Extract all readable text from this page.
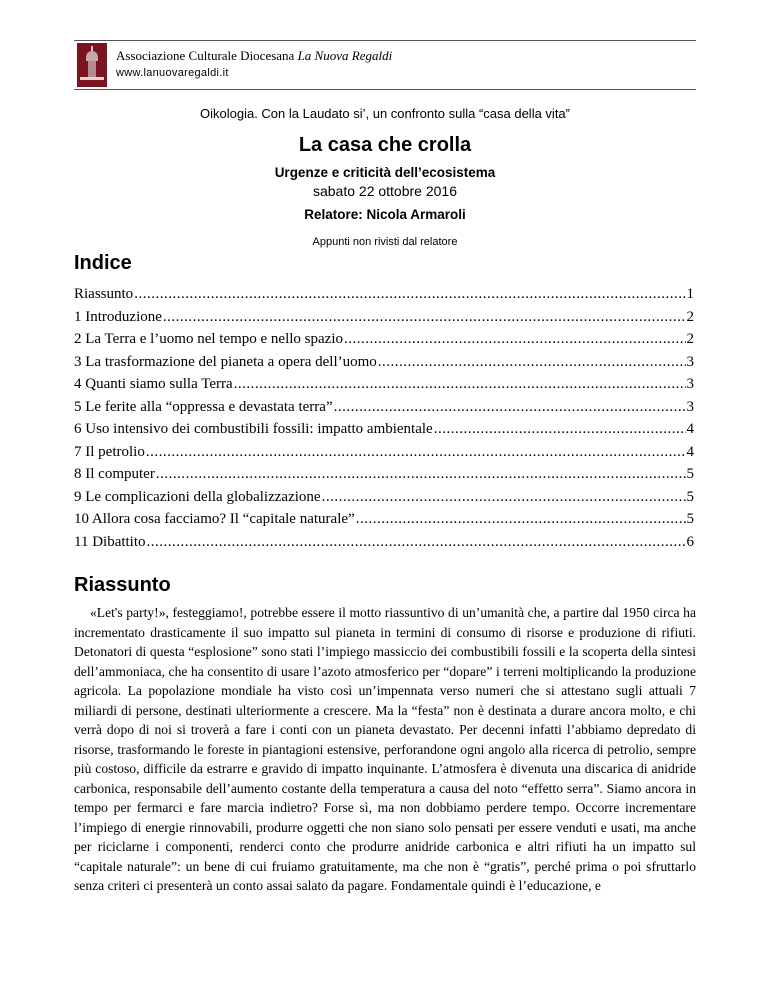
Associazione Culturale Diocesana La Nuova Regaldi
www.lanuovaregaldi.it
Oikologia. Con la Laudato si’, un confronto sulla “casa della vita”
La casa che crolla
Urgenze e criticità dell’ecosistema
sabato 22 ottobre 2016
Relatore: Nicola Armaroli
Appunti non rivisti dal relatore
Indice
Riassunto .....	1
1 Introduzione .....	2
2 La Terra e l’uomo nel tempo e nello spazio .....	2
3 La trasformazione del pianeta a opera dell’uomo .....	3
4 Quanti siamo sulla Terra .....	3
5 Le ferite alla “oppressa e devastata terra” .....	3
6 Uso intensivo dei combustibili fossili: impatto ambientale .....	4
7 Il petrolio .....	4
8 Il computer .....	5
9 Le complicazioni della globalizzazione .....	5
10 Allora cosa facciamo? Il “capitale naturale” .....	5
11 Dibattito .....	6
Riassunto

«Let's party!», festeggiamo!, potrebbe essere il motto riassuntivo di un’umanità che, a partire dal 1950 circa ha incrementato drasticamente il suo impatto sul pianeta in termini di consumo di risorse e produzione di rifiuti. Detonatori di questa “esplosione” sono stati l’impiego massiccio dei combustibili fossili e la scoperta della sintesi dell’ammoniaca, che ha consentito di usare l’azoto atmosferico per “dopare” i terreni moltiplicando la produzione agricola. La popolazione mondiale ha visto così un’impennata verso numeri che si attestano sugli attuali 7 miliardi di persone, destinati ulteriormente a crescere. Ma la “festa” non è destinata a durare ancora molto, e chi verrà dopo di noi si troverà a fare i conti con un pianeta devastato. Per decenni infatti l’abbiamo depredato di risorse, trasformando le foreste in piantagioni estensive, perforandone ogni angolo alla ricerca di petrolio, sempre più costoso, difficile da estrarre e gravido di impatto inquinante. L’atmosfera è divenuta una discarica di anidride carbonica, responsabile dell’aumento costante della temperatura a causa del noto “effetto serra”. Siamo ancora in tempo per fermarci e fare marcia indietro? Forse sì, ma non dobbiamo perdere tempo. Occorre incrementare l’impiego di energie rinnovabili, produrre oggetti che non siano solo pensati per essere venduti e usati, ma anche per riciclarne i componenti, renderci conto che produrre anidride carbonica e altri rifiuti ha un impatto sul “capitale naturale”: un bene di cui fruiamo gratuitamente, ma che non è “gratis”, perché prima o poi sfruttarlo senza criteri ci presenterà un conto assai salato da pagare. Fondamentale quindi è l’educazione, e
